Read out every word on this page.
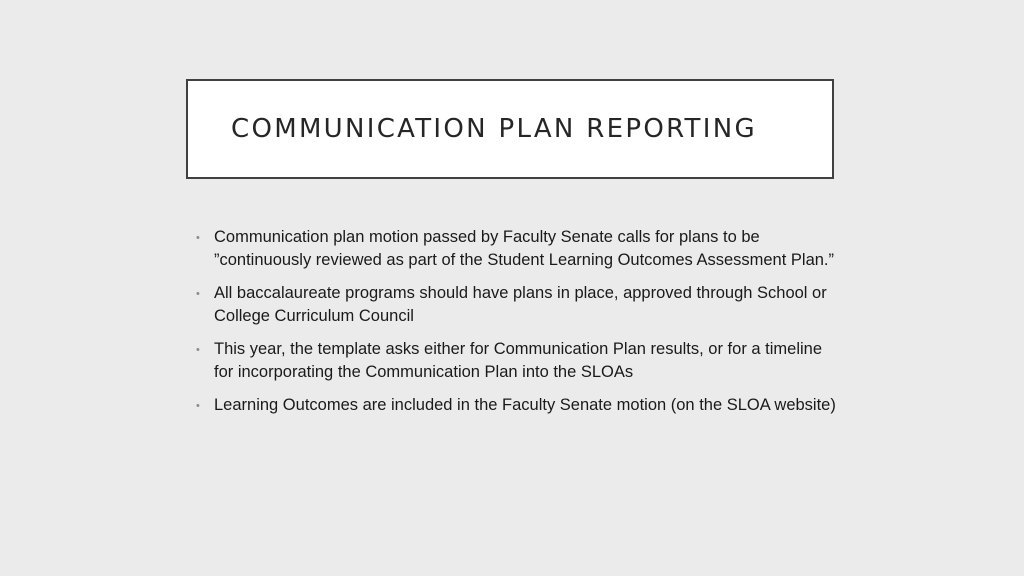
COMMUNICATION PLAN REPORTING
• Communication plan motion passed by Faculty Senate calls for plans to be ”continuously reviewed as part of the Student Learning Outcomes Assessment Plan.”
• All baccalaureate programs should have plans in place, approved through School or College Curriculum Council
• This year, the template asks either for Communication Plan results, or for a timeline for incorporating the Communication Plan into the SLOAs
• Learning Outcomes are included in the Faculty Senate motion (on the SLOA website)
